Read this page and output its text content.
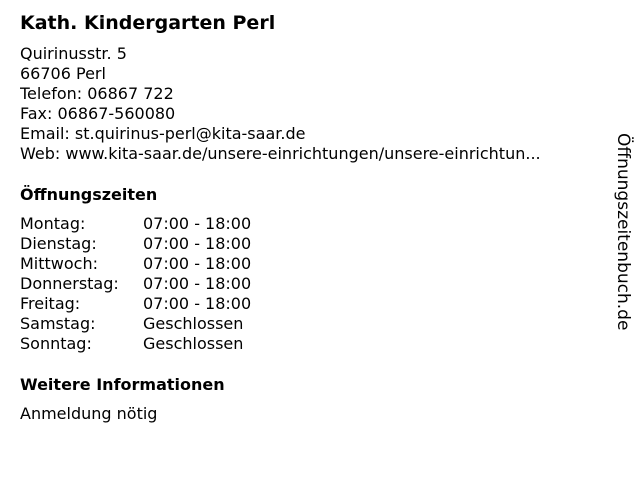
Kath. Kindergarten Perl
Quirinusstr. 5
66706 Perl
Telefon: 06867 722
Fax: 06867-560080
Email: st.quirinus-perl@kita-saar.de
Web: www.kita-saar.de/unsere-einrichtungen/unsere-einrichtun...
Öffnungszeiten
Montag:	07:00 - 18:00
Dienstag:	07:00 - 18:00
Mittwoch:	07:00 - 18:00
Donnerstag:	07:00 - 18:00
Freitag:	07:00 - 18:00
Samstag:	Geschlossen
Sonntag:	Geschlossen
Weitere Informationen
Anmeldung nötig
Öffnungszeitenbuch.de
